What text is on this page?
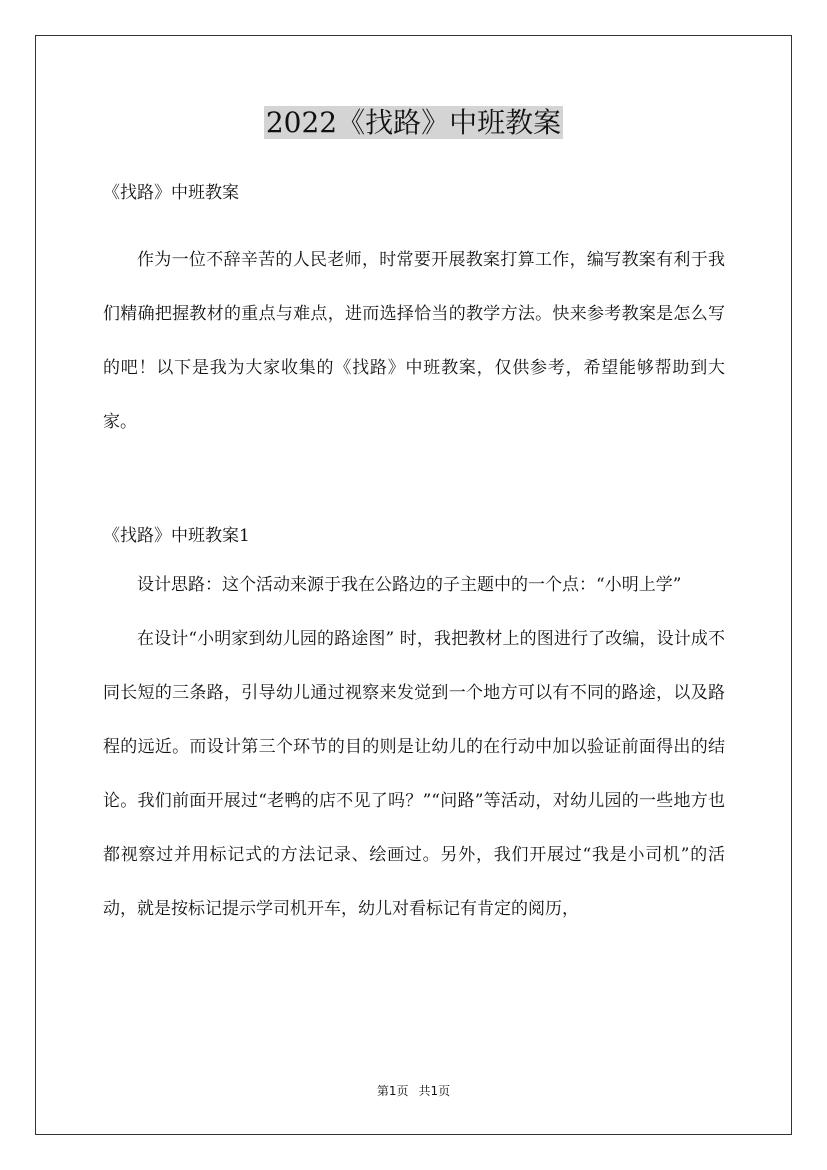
2022《找路》中班教案

《找路》中班教案

作为一位不辞辛苦的人民老师，时常要开展教案打算工作，编写教案有利于我们精确把握教材的重点与难点，进而选择恰当的教学方法。快来参考教案是怎么写的吧！以下是我为大家收集的《找路》中班教案，仅供参考，希望能够帮助到大家。

《找路》中班教案1

设计思路：这个活动来源于我在公路边的子主题中的一个点：“小明上学”

在设计“小明家到幼儿园的路途图” 时，我把教材上的图进行了改编，设计成不同长短的三条路，引导幼儿通过视察来发觉到一个地方可以有不同的路途，以及路程的远近。而设计第三个环节的目的则是让幼儿的在行动中加以验证前面得出的结论。我们前面开展过“老鸭的店不见了吗？”“问路”等活动，对幼儿园的一些地方也都视察过并用标记式的方法记录、绘画过。另外，我们开展过“我是小司机”的活动，就是按标记提示学司机开车，幼儿对看标记有肯定的阅历，

第1页 共1页
